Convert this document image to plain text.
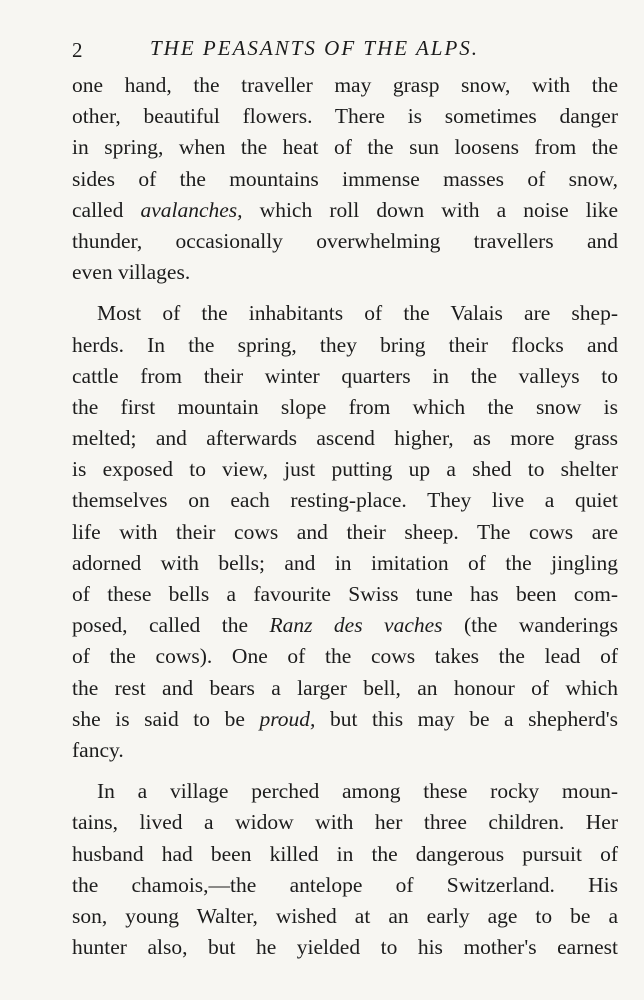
2	THE PEASANTS OF THE ALPS.
one hand, the traveller may grasp snow, with the
other, beautiful flowers. There is sometimes danger
in spring, when the heat of the sun loosens from the
sides of the mountains immense masses of snow,
called avalanches, which roll down with a noise like
thunder, occasionally overwhelming travellers and
even villages.
Most of the inhabitants of the Valais are shep-
herds. In the spring, they bring their flocks and
cattle from their winter quarters in the valleys to
the first mountain slope from which the snow is
melted; and afterwards ascend higher, as more grass
is exposed to view, just putting up a shed to shelter
themselves on each resting-place. They live a quiet
life with their cows and their sheep. The cows are
adorned with bells; and in imitation of the jingling
of these bells a favourite Swiss tune has been com-
posed, called the Ranz des vaches (the wanderings
of the cows). One of the cows takes the lead of
the rest and bears a larger bell, an honour of which
she is said to be proud, but this may be a shepherd's
fancy.
In a village perched among these rocky moun-
tains, lived a widow with her three children. Her
husband had been killed in the dangerous pursuit of
the chamois,—the antelope of Switzerland. His
son, young Walter, wished at an early age to be a
hunter also, but he yielded to his mother's earnest
